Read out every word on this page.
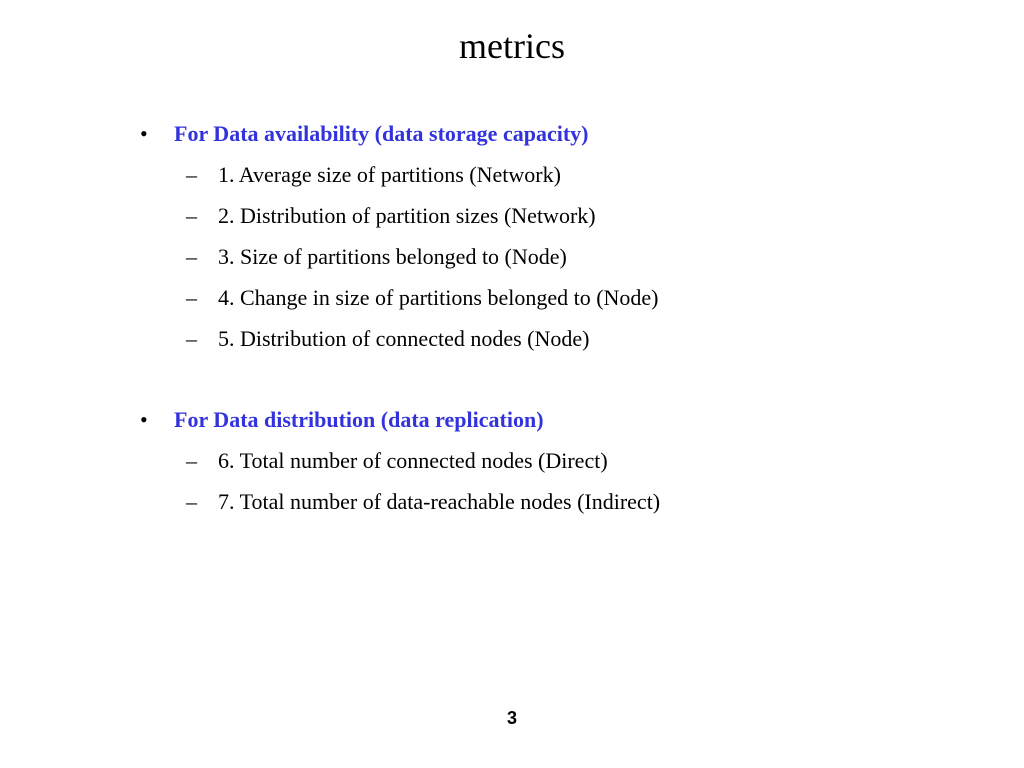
metrics
•	For Data availability (data storage capacity)
– 1. Average size of partitions (Network)
– 2. Distribution of partition sizes (Network)
– 3. Size of partitions belonged to (Node)
– 4. Change in size of partitions belonged to (Node)
– 5. Distribution of connected nodes (Node)
•	For Data distribution (data replication)
– 6. Total number of connected nodes (Direct)
– 7. Total number of data-reachable nodes (Indirect)
3
